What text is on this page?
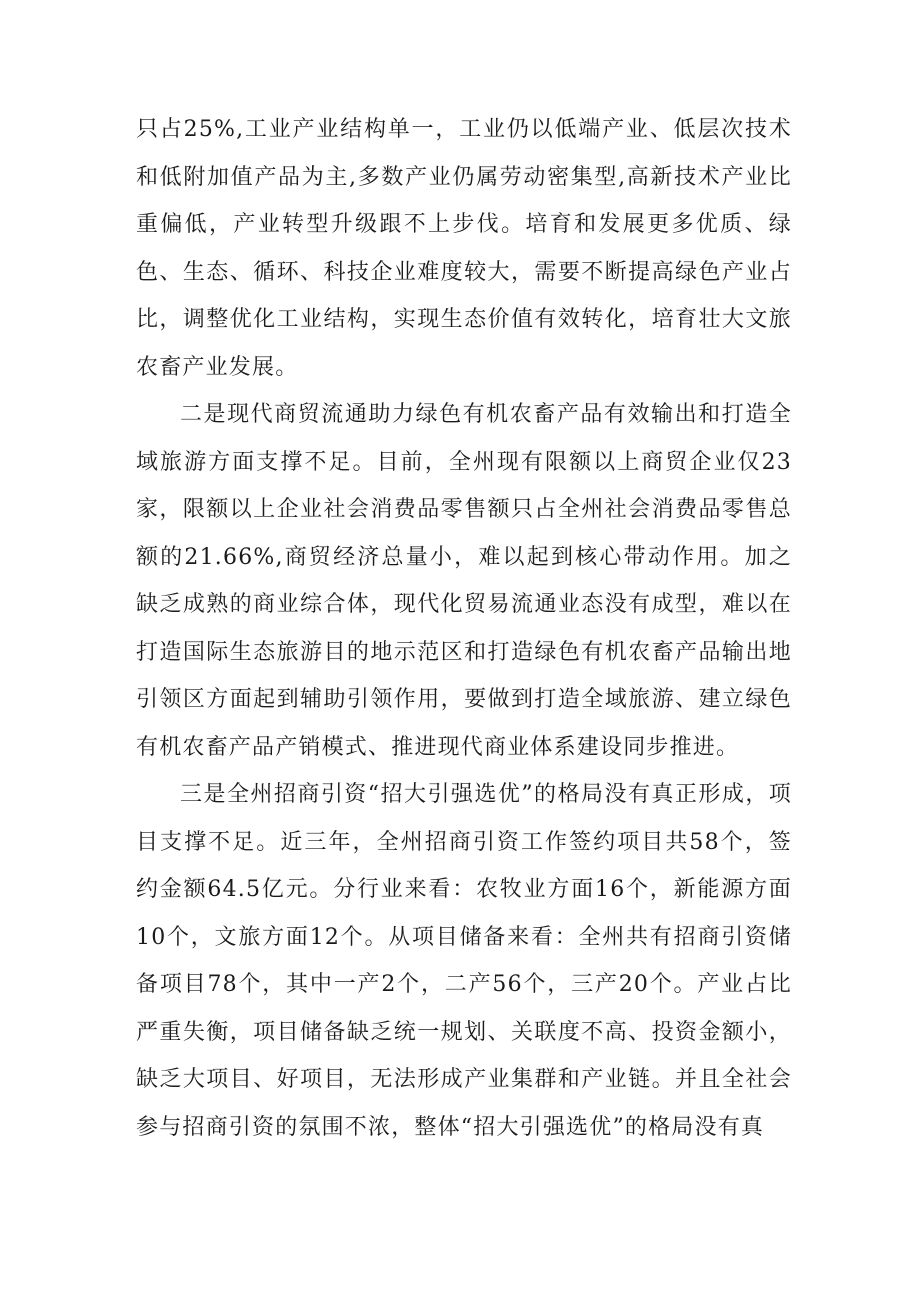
只占25%,工业产业结构单一，工业仍以低端产业、低层次技术和低附加值产品为主,多数产业仍属劳动密集型,高新技术产业比重偏低，产业转型升级跟不上步伐。培育和发展更多优质、绿色、生态、循环、科技企业难度较大，需要不断提高绿色产业占比，调整优化工业结构，实现生态价值有效转化，培育壮大文旅农畜产业发展。

二是现代商贸流通助力绿色有机农畜产品有效输出和打造全域旅游方面支撑不足。目前，全州现有限额以上商贸企业仅23家，限额以上企业社会消费品零售额只占全州社会消费品零售总额的21.66%,商贸经济总量小，难以起到核心带动作用。加之缺乏成熟的商业综合体，现代化贸易流通业态没有成型，难以在打造国际生态旅游目的地示范区和打造绿色有机农畜产品输出地引领区方面起到辅助引领作用，要做到打造全域旅游、建立绿色有机农畜产品产销模式、推进现代商业体系建设同步推进。

三是全州招商引资“招大引强选优”的格局没有真正形成，项目支撑不足。近三年，全州招商引资工作签约项目共58个，签约金额64.5亿元。分行业来看：农牧业方面16个，新能源方面10个，文旅方面12个。从项目储备来看：全州共有招商引资储备项目78个，其中一产2个，二产56个，三产20个。产业占比严重失衡，项目储备缺乏统一规划、关联度不高、投资金额小，缺乏大项目、好项目，无法形成产业集群和产业链。并且全社会参与招商引资的氛围不浓，整体“招大引强选优”的格局没有真
